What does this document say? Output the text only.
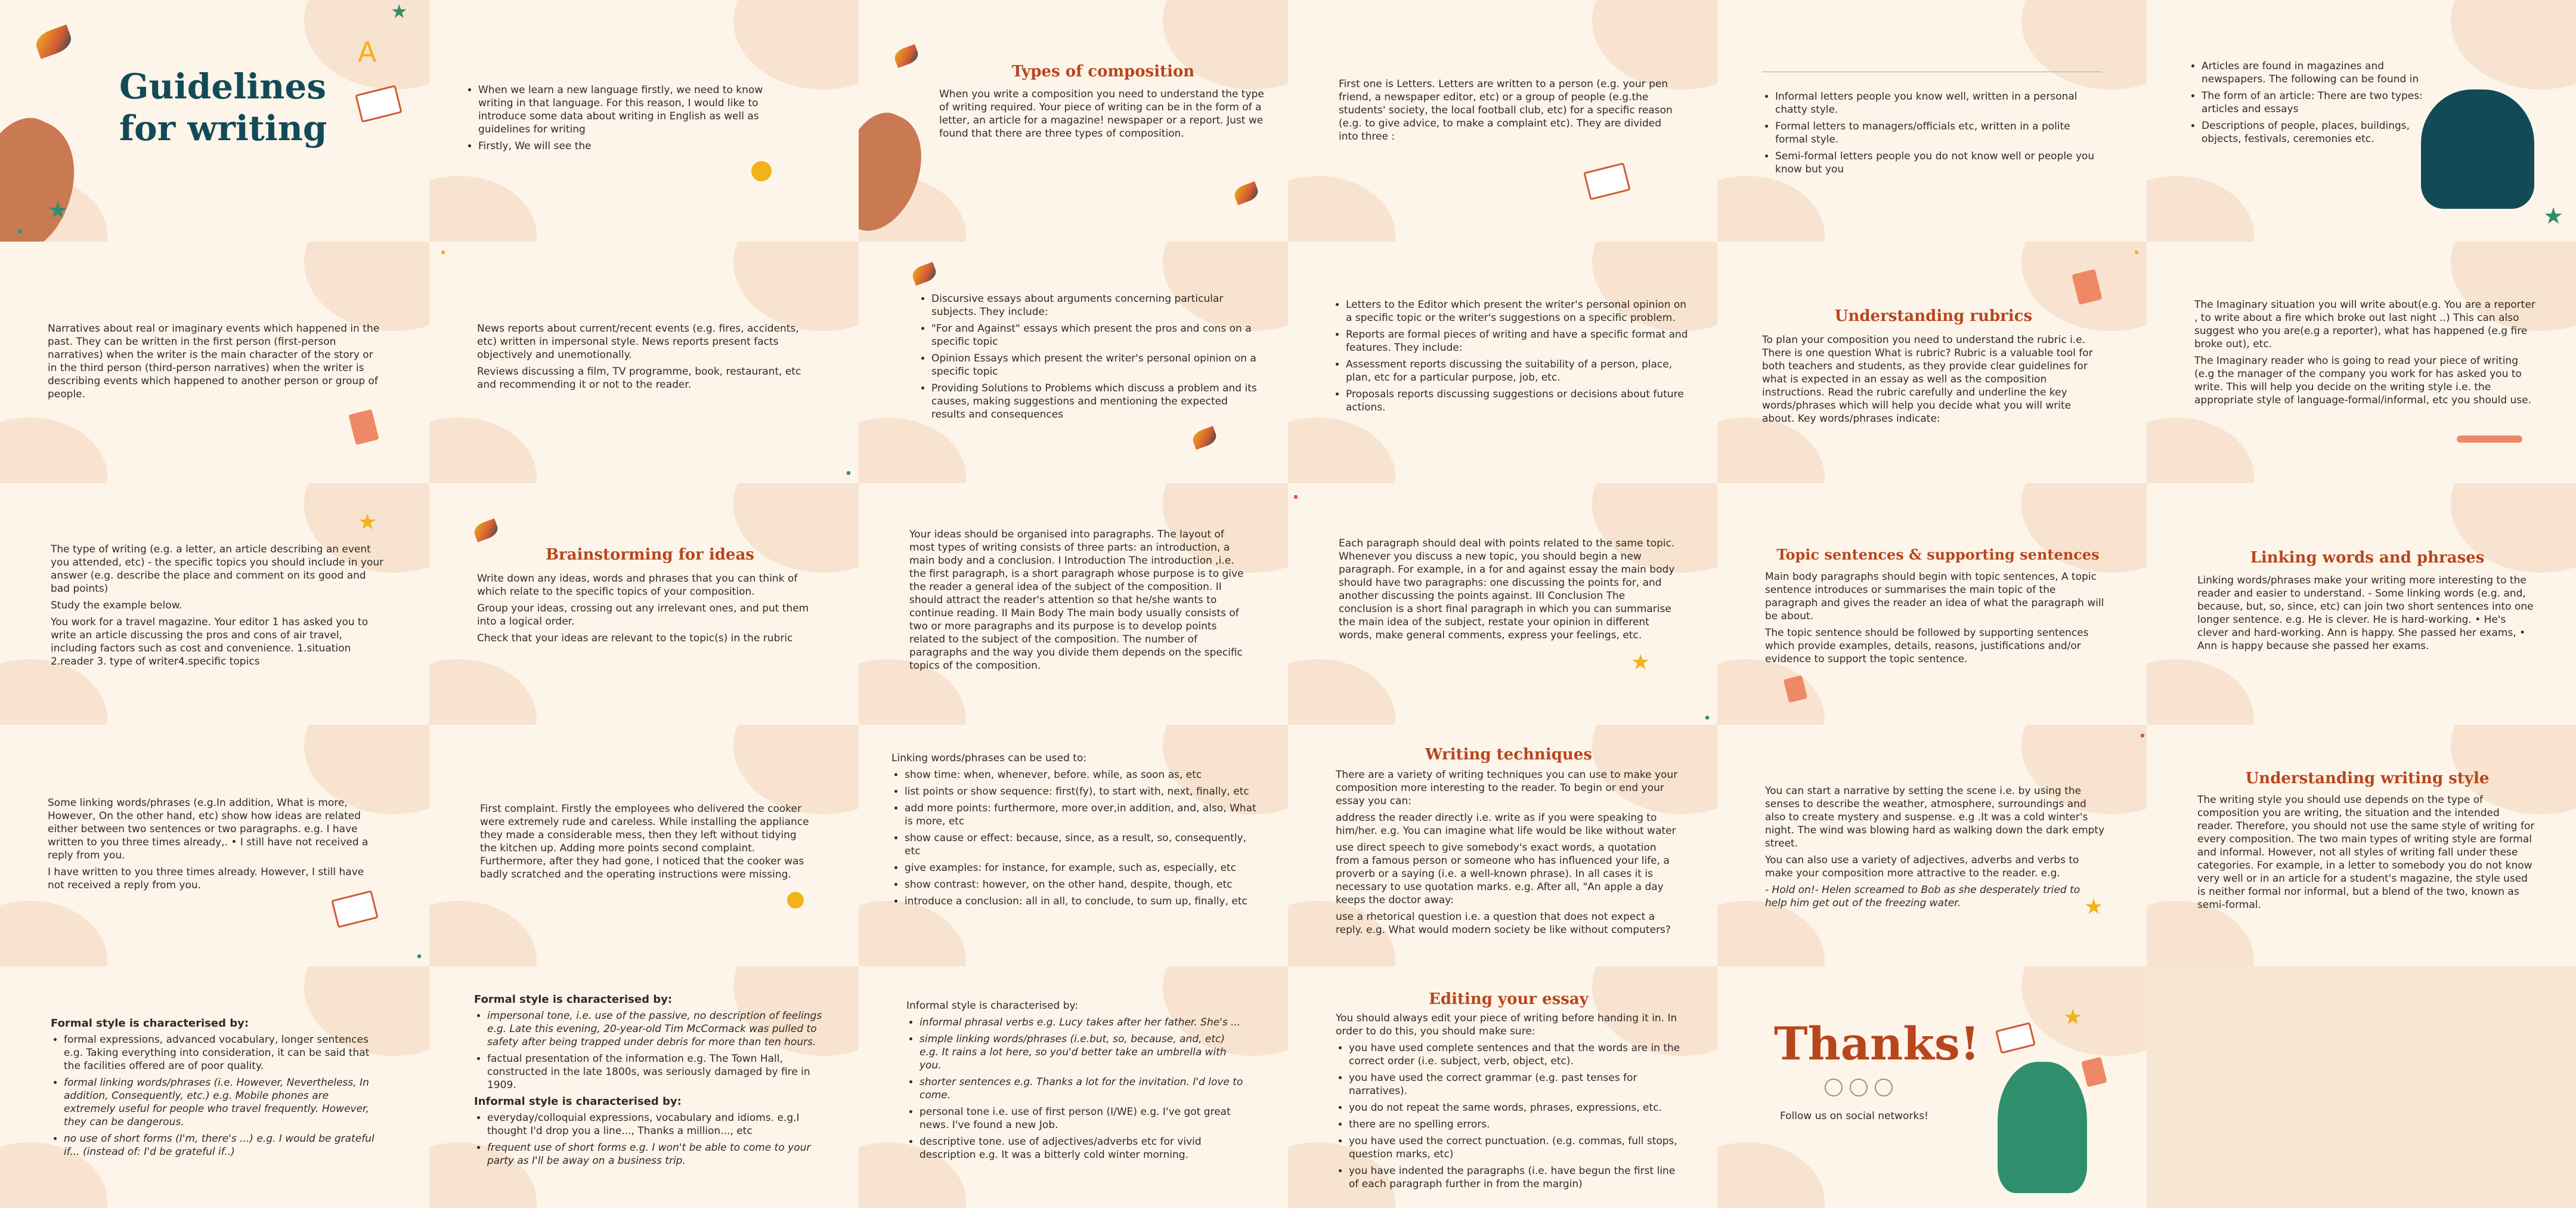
★
★
A
Guidelines
for writing
• When we learn a new language firstly, we need to know writing in that language. For this reason, I would like to introduce some data about writing in English as well as guidelines for writing
• Firstly, We will see the
Types of composition

When you write a composition you need to understand the type of writing required. Your piece of writing can be in the form of a letter, an article for a magazine! newspaper or a report. Just we found that there are three types of composition.

First one is Letters. Letters are written to a person (e.g. your pen friend, a newspaper editor, etc) or a group of people (e.g.the students' society, the local football club, etc) for a specific reason (e.g. to give advice, to make a complaint etc). They are divided into three :

• Informal letters people you know well, written in a personal chatty style.
• Formal letters to managers/officials etc, written in a polite formal style.
• Semi-formal letters people you do not know well or people you know but you
★
• Articles are found in magazines and newspapers. The following can be found in
• The form of an article: There are two types: articles and essays
• Descriptions of people, places, buildings, objects, festivals, ceremonies etc.

Narratives about real or imaginary events which happened in the past. They can be written in the first person (first-person narratives) when the writer is the main character of the story or in the third person (third-person narratives) when the writer is describing events which happened to another person or group of people.

News reports about current/recent events (e.g. fires, accidents, etc) written in impersonal style. News reports present facts objectively and unemotionally.

Reviews discussing a film, TV programme, book, restaurant, etc and recommending it or not to the reader.

• Discursive essays about arguments concerning particular subjects. They include:
• "For and Against" essays which present the pros and cons on a specific topic
• Opinion Essays which present the writer's personal opinion on a specific topic
• Providing Solutions to Problems which discuss a problem and its causes, making suggestions and mentioning the expected results and consequences
• Letters to the Editor which present the writer's personal opinion on a specific topic or the writer's suggestions on a specific problem.
• Reports are formal pieces of writing and have a specific format and features. They include:
• Assessment reports discussing the suitability of a person, place, plan, etc for a particular purpose, job, etc.
• Proposals reports discussing suggestions or decisions about future actions.
Understanding rubrics

To plan your composition you need to understand the rubric i.e. There is one question What is rubric? Rubric is a valuable tool for both teachers and students, as they provide clear guidelines for what is expected in an essay as well as the composition instructions. Read the rubric carefully and underline the key words/phrases which will help you decide what you will write about. Key words/phrases indicate:

The Imaginary situation you will write about(e.g. You are a reporter , to write about a fire which broke out last night ..) This can also suggest who you are(e.g a reporter), what has happened (e.g fire broke out), etc.

The Imaginary reader who is going to read your piece of writing (e.g the manager of the company you work for has asked you to write. This will help you decide on the writing style i.e. the appropriate style of language-formal/informal, etc you should use.

★

The type of writing (e.g. a letter, an article describing an event you attended, etc) - the specific topics you should include in your answer (e.g. describe the place and comment on its good and bad points)

Study the example below.

You work for a travel magazine. Your editor 1 has asked you to write an article discussing the pros and cons of air travel, including factors such as cost and convenience. 1.situation 2.reader 3. type of writer4.specific topics

Brainstorming for ideas

Write down any ideas, words and phrases that you can think of which relate to the specific topics of your composition.

Group your ideas, crossing out any irrelevant ones, and put them into a logical order.

Check that your ideas are relevant to the topic(s) in the rubric

Your ideas should be organised into paragraphs. The layout of most types of writing consists of three parts: an introduction, a main body and a conclusion. I Introduction The introduction ,i.e. the first paragraph, is a short paragraph whose purpose is to give the reader a general idea of the subject of the composition. II should attract the reader's attention so that he/she wants to continue reading. II Main Body The main body usually consists of two or more paragraphs and its purpose is to develop points related to the subject of the composition. The number of paragraphs and the way you divide them depends on the specific topics of the composition.	★

Each paragraph should deal with points related to the same topic. Whenever you discuss a new topic, you should begin a new paragraph. For example, in a for and against essay the main body should have two paragraphs: one discussing the points for, and another discussing the points against. III Conclusion The conclusion is a short final paragraph in which you can summarise the main idea of the subject, restate your opinion in different words, make general comments, express your feelings, etc.

Topic sentences & supporting sentences

Main body paragraphs should begin with topic sentences, A topic sentence introduces or summarises the main topic of the paragraph and gives the reader an idea of what the paragraph will be about.

The topic sentence should be followed by supporting sentences which provide examples, details, reasons, justifications and/or evidence to support the topic sentence.

Linking words and phrases

Linking words/phrases make your writing more interesting to the reader and easier to understand. - Some linking words (e.g. and, because, but, so, since, etc) can join two short sentences into one longer sentence. e.g. He is clever. He is hard-working. • He's clever and hard-working. Ann is happy. She passed her exams, • Ann is happy because she passed her exams.

Some linking words/phrases (e.g.In addition, What is more, However, On the other hand, etc) show how ideas are related either between two sentences or two paragraphs. e.g. I have written to you three times already,. • I still have not received a reply from you.

I have written to you three times already. However, I still have not received a reply from you.

First complaint. Firstly the employees who delivered the cooker were extremely rude and careless. While installing the appliance they made a considerable mess, then they left without tidying the kitchen up. Adding more points second complaint. Furthermore, after they had gone, I noticed that the cooker was badly scratched and the operating instructions were missing.

Linking words/phrases can be used to:

• show time: when, whenever, before. while, as soon as, etc
• list points or show sequence: first(fy), to start with, next, finally, etc
• add more points: furthermore, more over,in addition, and, also, What is more, etc
• show cause or effect: because, since, as a result, so, consequently, etc
• give examples: for instance, for example, such as, especially, etc
• show contrast: however, on the other hand, despite, though, etc
• introduce a conclusion: all in all, to conclude, to sum up, finally, etc
Writing techniques

There are a variety of writing techniques you can use to make your composition more interesting to the reader. To begin or end your essay you can:

address the reader directly i.e. write as if you were speaking to him/her. e.g. You can imagine what life would be like without water

use direct speech to give somebody's exact words, a quotation from a famous person or someone who has influenced your life, a proverb or a saying (i.e. a well-known phrase). In all cases it is necessary to use quotation marks. e.g. After all, "An apple a day keeps the doctor away:

use a rhetorical question i.e. a question that does not expect a reply. e.g. What would modern society be like without computers?

★

You can start a narrative by setting the scene i.e. by using the senses to describe the weather, atmosphere, surroundings and also to create mystery and suspense. e.g .It was a cold winter's night. The wind was blowing hard as walking down the dark empty street.

You can also use a variety of adjectives, adverbs and verbs to make your composition more attractive to the reader. e.g.

- Hold on!- Helen screamed to Bob as she desperately tried to help him get out of the freezing water.

Understanding writing style

The writing style you should use depends on the type of composition you are writing, the situation and the intended reader. Therefore, you should not use the same style of writing for every composition. The two main types of writing style are formal and informal. However, not all styles of writing fall under these categories. For example, in a letter to somebody you do not know very well or in an article for a student's magazine, the style used is neither formal nor informal, but a blend of the two, known as semi-formal.

Formal style is characterised by:

• formal expressions, advanced vocabulary, longer sentences e.g. Taking everything into consideration, it can be said that the facilities offered are of poor quality.
• formal linking words/phrases (i.e. However, Nevertheless, In addition, Consequently, etc.) e.g. Mobile phones are extremely useful for people who travel frequently. However, they can be dangerous.
• no use of short forms (I'm, there's ...) e.g. I would be grateful if... (instead of: I'd be grateful if..)

Formal style is characterised by:

• impersonal tone, i.e. use of the passive, no description of feelings e.g. Late this evening, 20-year-old Tim McCormack was pulled to safety after being trapped under debris for more than ten hours.
• factual presentation of the information e.g. The Town Hall, constructed in the late 1800s, was seriously damaged by fire in 1909.

Informal style is characterised by:

• everyday/colloquial expressions, vocabulary and idioms. e.g.I thought I'd drop you a line..., Thanks a million..., etc
• frequent use of short forms e.g. I won't be able to come to your party as I'll be away on a business trip.

Informal style is characterised by:

• informal phrasal verbs e.g. Lucy takes after her father. She's ...
• simple linking words/phrases (i.e.but, so, because, and, etc) e.g. It rains a lot here, so you'd better take an umbrella with you.
• shorter sentences e.g. Thanks a lot for the invitation. I'd love to come.
• personal tone i.e. use of first person (I/WE) e.g. I've got great news. I've found a new Job.
• descriptive tone. use of adjectives/adverbs etc for vivid description e.g. It was a bitterly cold winter morning.
Editing your essay

You should always edit your piece of writing before handing it in. In order to do this, you should make sure:

• you have used complete sentences and that the words are in the correct order (i.e. subject, verb, object, etc).
• you have used the correct grammar (e.g. past tenses for narratives).
• you do not repeat the same words, phrases, expressions, etc.
• there are no spelling errors.
• you have used the correct punctuation. (e.g. commas, full stops, question marks, etc)
• you have indented the paragraphs (i.e. have begun the first line of each paragraph further in from the margin)
★
Thanks!

Follow us on social networks!
